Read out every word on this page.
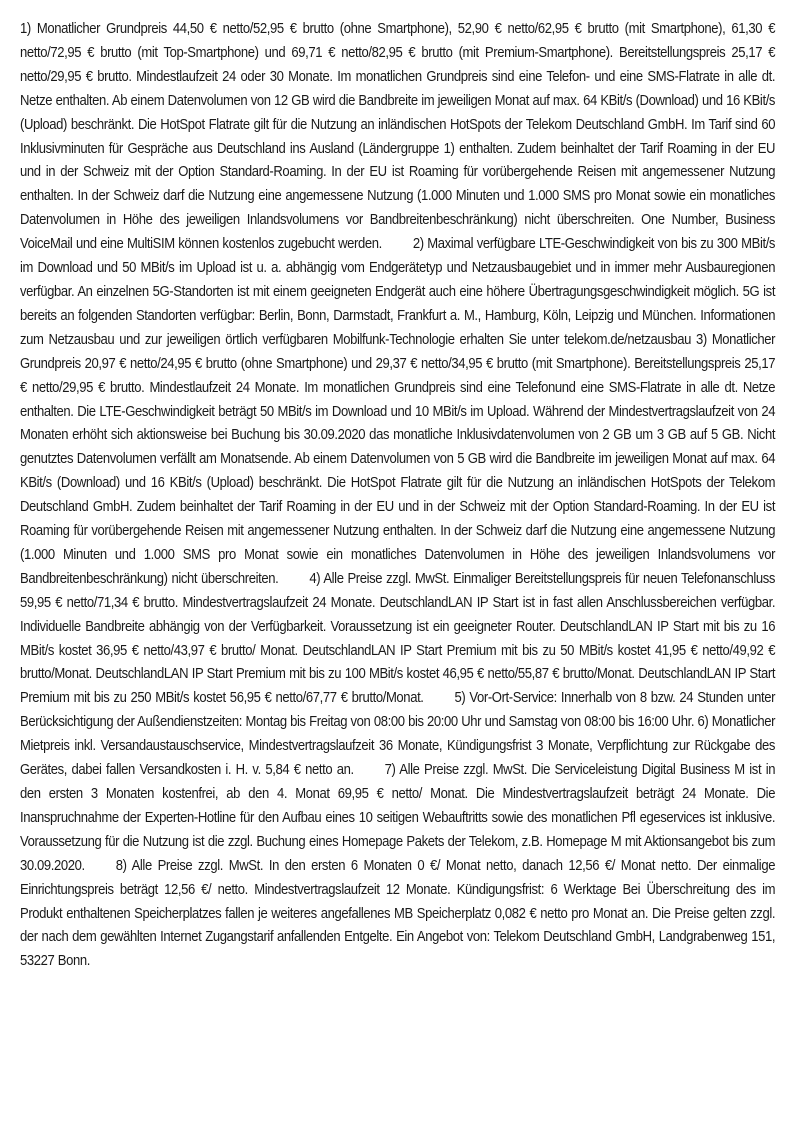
1) Monatlicher Grundpreis 44,50 € netto/52,95 € brutto (ohne Smartphone), 52,90 € netto/62,95 € brutto (mit Smartphone), 61,30 € netto/72,95 € brutto (mit Top-Smartphone) und 69,71 € netto/82,95 € brutto (mit Premium-Smartphone). Bereitstellungspreis 25,17 € netto/29,95 € brutto. Mindestlaufzeit 24 oder 30 Monate. Im monatlichen Grundpreis sind eine Telefon- und eine SMS-Flatrate in alle dt. Netze enthalten. Ab einem Datenvolumen von 12 GB wird die Bandbreite im jeweiligen Monat auf max. 64 KBit/s (Download) und 16 KBit/s (Upload) beschränkt. Die HotSpot Flatrate gilt für die Nutzung an inländischen HotSpots der Telekom Deutschland GmbH. Im Tarif sind 60 Inklusivminuten für Gespräche aus Deutschland ins Ausland (Ländergruppe 1) enthalten. Zudem beinhaltet der Tarif Roaming in der EU und in der Schweiz mit der Option Standard-Roaming. In der EU ist Roaming für vorübergehende Reisen mit angemessener Nutzung enthalten. In der Schweiz darf die Nutzung eine angemessene Nutzung (1.000 Minuten und 1.000 SMS pro Monat sowie ein monatliches Datenvolumen in Höhe des jeweiligen Inlandsvolumens vor Bandbreitenbeschränkung) nicht überschreiten. One Number, Business VoiceMail und eine MultiSIM können kostenlos zugebucht werden. 2) Maximal verfügbare LTE-Geschwindigkeit von bis zu 300 MBit/s im Download und 50 MBit/s im Upload ist u. a. abhängig vom Endgerätetyp und Netzausbaugebiet und in immer mehr Ausbauregionen verfügbar. An einzelnen 5G-Standorten ist mit einem geeigneten Endgerät auch eine höhere Übertragungsgeschwindigkeit möglich. 5G ist bereits an folgenden Standorten verfügbar: Berlin, Bonn, Darmstadt, Frankfurt a. M., Hamburg, Köln, Leipzig und München. Informationen zum Netzausbau und zur jeweiligen örtlich verfügbaren Mobilfunk-Technologie erhalten Sie unter telekom.de/netzausbau 3) Monatlicher Grundpreis 20,97 € netto/24,95 € brutto (ohne Smartphone) und 29,37 € netto/34,95 € brutto (mit Smartphone). Bereitstellungspreis 25,17 € netto/29,95 € brutto. Mindestlaufzeit 24 Monate. Im monatlichen Grundpreis sind eine Telefonund eine SMS-Flatrate in alle dt. Netze enthalten. Die LTE-Geschwindigkeit beträgt 50 MBit/s im Download und 10 MBit/s im Upload. Während der Mindestvertragslaufzeit von 24 Monaten erhöht sich aktionsweise bei Buchung bis 30.09.2020 das monatliche Inklusivdatenvolumen von 2 GB um 3 GB auf 5 GB. Nicht genutztes Datenvolumen verfällt am Monatsende. Ab einem Datenvolumen von 5 GB wird die Bandbreite im jeweiligen Monat auf max. 64 KBit/s (Download) und 16 KBit/s (Upload) beschränkt. Die HotSpot Flatrate gilt für die Nutzung an inländischen HotSpots der Telekom Deutschland GmbH. Zudem beinhaltet der Tarif Roaming in der EU und in der Schweiz mit der Option Standard-Roaming. In der EU ist Roaming für vorübergehende Reisen mit angemessener Nutzung enthalten. In der Schweiz darf die Nutzung eine angemessene Nutzung (1.000 Minuten und 1.000 SMS pro Monat sowie ein monatliches Datenvolumen in Höhe des jeweiligen Inlandsvolumens vor Bandbreitenbeschränkung) nicht überschreiten. 4) Alle Preise zzgl. MwSt. Einmaliger Bereitstellungspreis für neuen Telefonanschluss 59,95 € netto/71,34 € brutto. Mindestvertragslaufzeit 24 Monate. DeutschlandLAN IP Start ist in fast allen Anschlussbereichen verfügbar. Individuelle Bandbreite abhängig von der Verfügbarkeit. Voraussetzung ist ein geeigneter Router. DeutschlandLAN IP Start mit bis zu 16 MBit/s kostet 36,95 € netto/43,97 € brutto/ Monat. DeutschlandLAN IP Start Premium mit bis zu 50 MBit/s kostet 41,95 € netto/49,92 € brutto/Monat. DeutschlandLAN IP Start Premium mit bis zu 100 MBit/s kostet 46,95 € netto/55,87 € brutto/Monat. DeutschlandLAN IP Start Premium mit bis zu 250 MBit/s kostet 56,95 € netto/67,77 € brutto/Monat. 5) Vor-Ort-Service: Innerhalb von 8 bzw. 24 Stunden unter Berücksichtigung der Außendienstzeiten: Montag bis Freitag von 08:00 bis 20:00 Uhr und Samstag von 08:00 bis 16:00 Uhr. 6) Monatlicher Mietpreis inkl. Versandaustauschservice, Mindestvertragslaufzeit 36 Monate, Kündigungsfrist 3 Monate, Verpflichtung zur Rückgabe des Gerätes, dabei fallen Versandkosten i. H. v. 5,84 € netto an. 7) Alle Preise zzgl. MwSt. Die Serviceleistung Digital Business M ist in den ersten 3 Monaten kostenfrei, ab den 4. Monat 69,95 € netto/ Monat. Die Mindestvertragslaufzeit beträgt 24 Monate. Die Inanspruchnahme der Experten-Hotline für den Aufbau eines 10 seitigen Webauftritts sowie des monatlichen Pfl egeservices ist inklusive. Voraussetzung für die Nutzung ist die zzgl. Buchung eines Homepage Pakets der Telekom, z.B. Homepage M mit Aktionsangebot bis zum 30.09.2020. 8) Alle Preise zzgl. MwSt. In den ersten 6 Monaten 0 €/ Monat netto, danach 12,56 €/ Monat netto. Der einmalige Einrichtungspreis beträgt 12,56 €/ netto. Mindestvertragslaufzeit 12 Monate. Kündigungsfrist: 6 Werktage Bei Überschreitung des im Produkt enthaltenen Speicherplatzes fallen je weiteres angefallenes MB Speicherplatz 0,082 € netto pro Monat an. Die Preise gelten zzgl. der nach dem gewählten Internet Zugangstarif anfallenden Entgelte. Ein Angebot von: Telekom Deutschland GmbH, Landgrabenweg 151, 53227 Bonn.
